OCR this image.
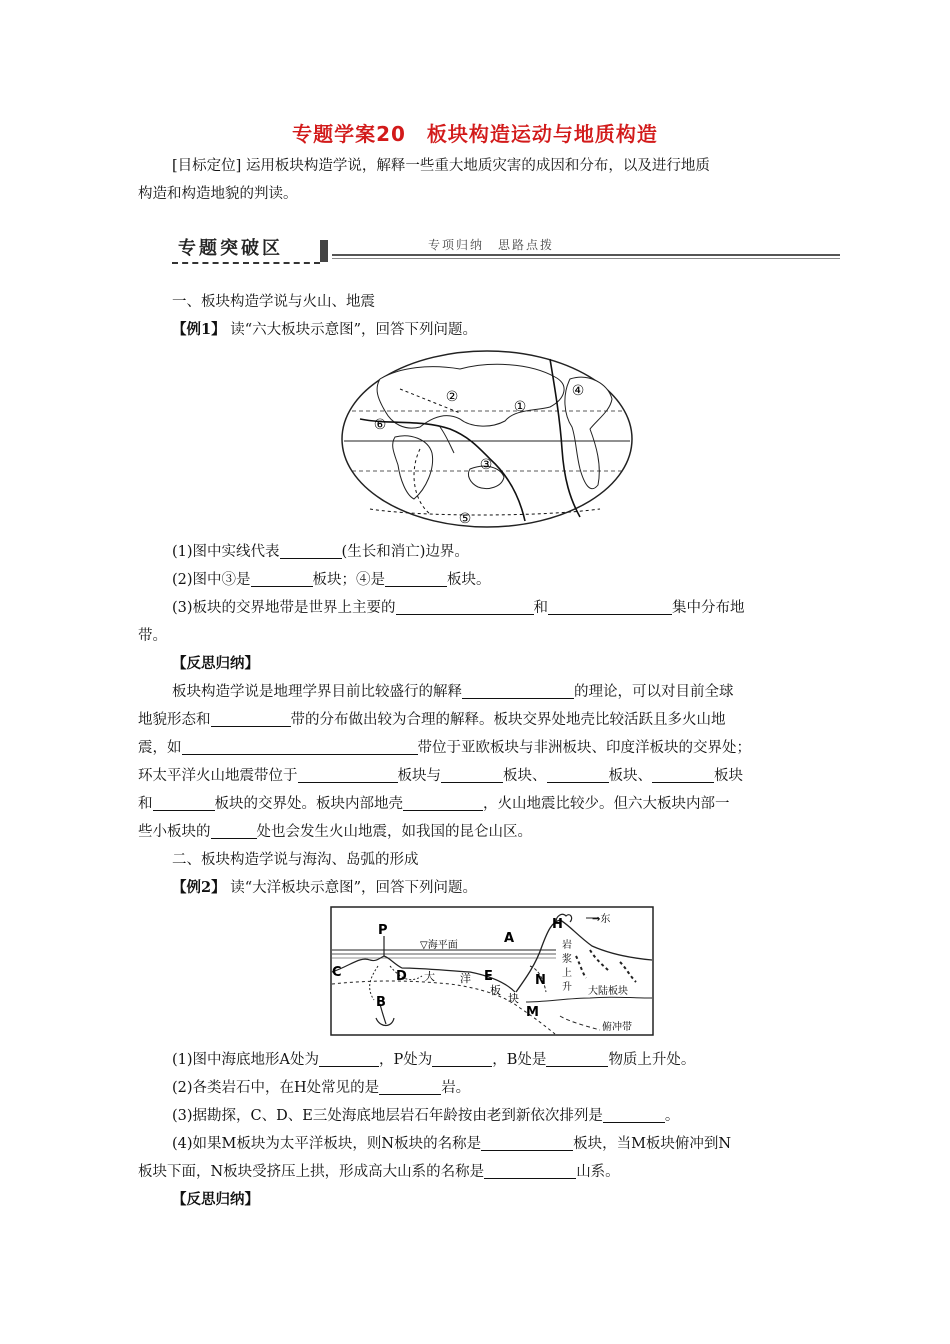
专题学案20　板块构造运动与地质构造
[目标定位] 运用板块构造学说，解释一些重大地质灾害的成因和分布，以及进行地质
构造和构造地貌的判读。
专题突破区	专项归纳　思路点拨
一、板块构造学说与火山、地震
【例1】 读“六大板块示意图”，回答下列问题。
①
②
③
④
⑤
⑥
(1)图中实线代表	(生长和消亡)边界。
(2)图中③是	板块；④是	板块。
(3)板块的交界地带是世界上主要的	和	集中分布地
带。
【反思归纳】
板块构造学说是地理学界目前比较盛行的解释	的理论，可以对目前全球
地貌形态和	带的分布做出较为合理的解释。板块交界处地壳比较活跃且多火山地
震，如	带位于亚欧板块与非洲板块、印度洋板块的交界处；
环太平洋火山地震带位于	板块与	板块、	板块、	板块
和	板块的交界处。板块内部地壳	，火山地震比较少。但六大板块内部一
些小板块的	处也会发生火山地震，如我国的昆仑山区。
二、板块构造学说与海沟、岛弧的形成
【例2】 读“大洋板块示意图”，回答下列问题。
H	→东
P
A
▽海平面
C	D	E
B
N
M
大 洋
板
块
岩
浆
上
升 大陆板块
俯冲带
(1)图中海底地形A处为	，P处为	，B处是	物质上升处。
(2)各类岩石中，在H处常见的是	岩。
(3)据勘探，C、D、E三处海底地层岩石年龄按由老到新依次排列是	。
(4)如果M板块为太平洋板块，则N板块的名称是	板块，当M板块俯冲到N
板块下面，N板块受挤压上拱，形成高大山系的名称是	山系。
【反思归纳】
